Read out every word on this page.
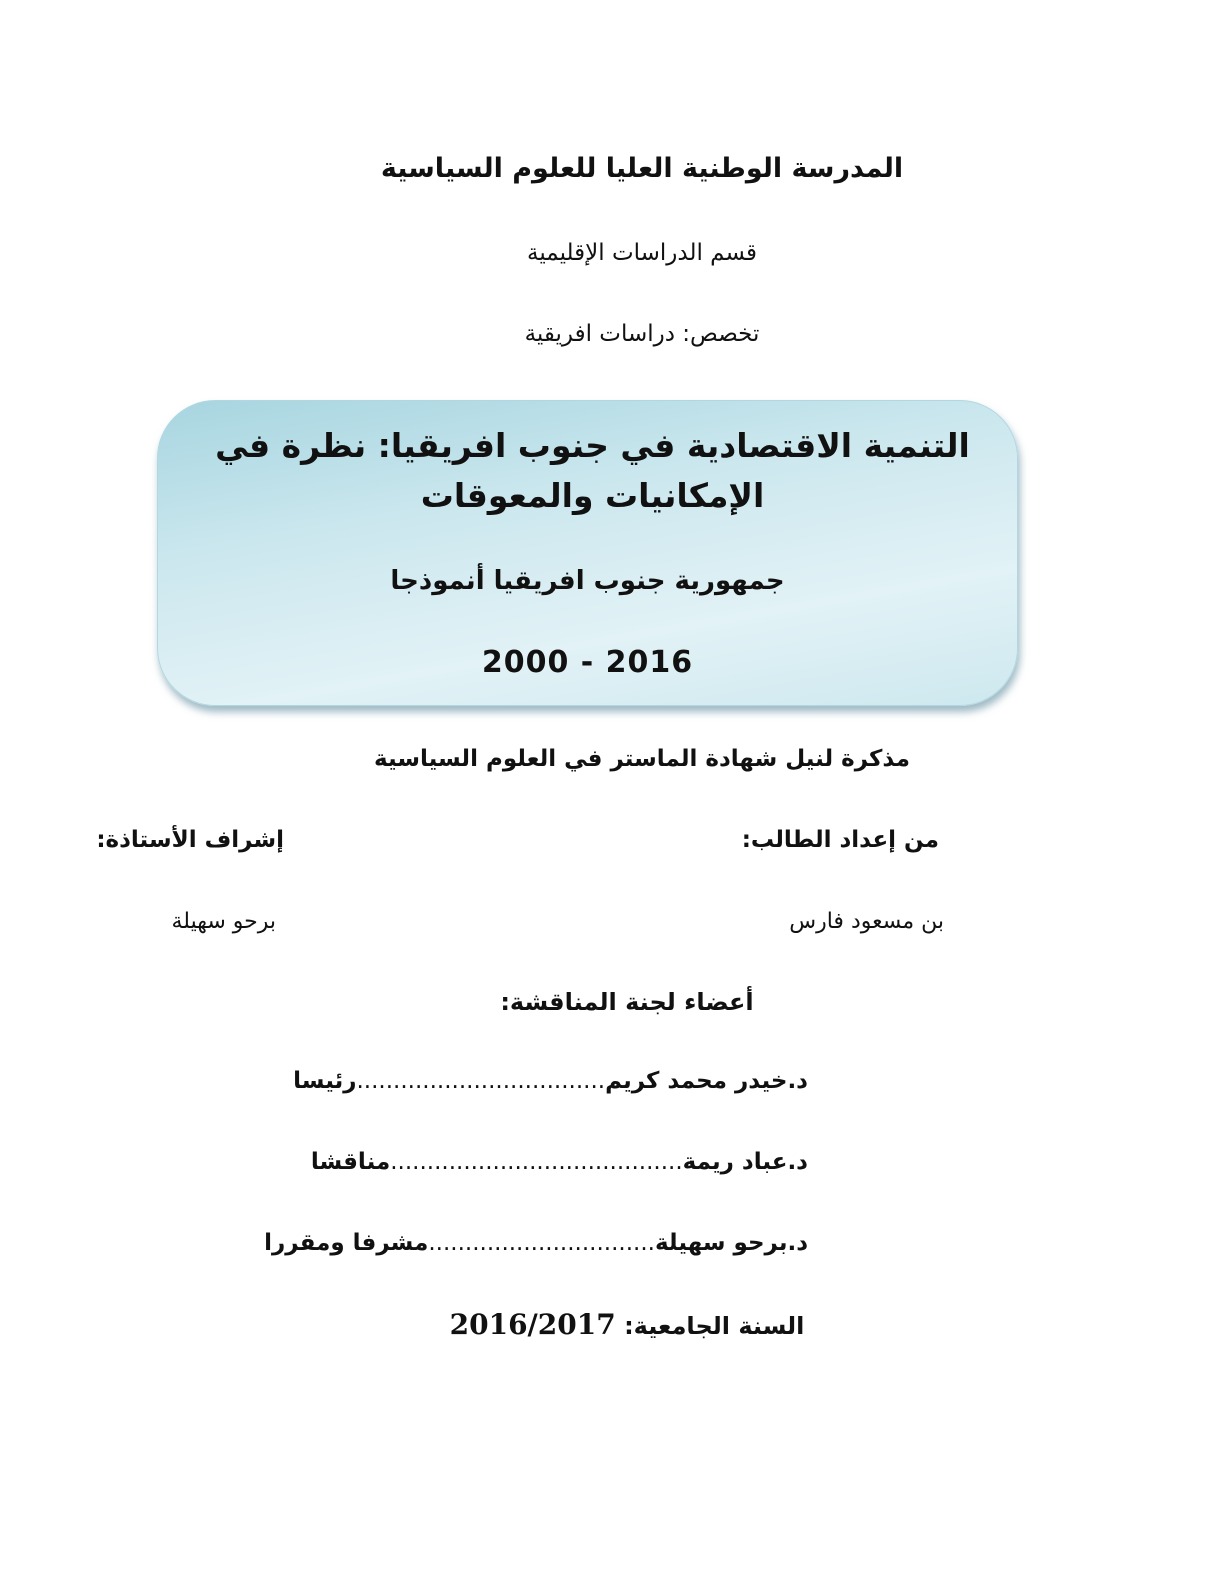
المدرسة الوطنية العليا للعلوم السياسية
قسم الدراسات الإقليمية
تخصص: دراسات افريقية
التنمية الاقتصادية في جنوب افريقيا: نظرة في الإمكانيات والمعوقات
جمهورية جنوب افريقيا أنموذجا
2000 - 2016
مذكرة لنيل شهادة الماستر في العلوم السياسية
من إعداد الطالب:
إشراف الأستاذة:
بن مسعود فارس
برحو سهيلة
أعضاء لجنة المناقشة:
د.خيدر محمد كريم..................................رئيسا
د.عباد ريمة........................................مناقشا
د.برحو سهيلة...............................مشرفا ومقررا
السنة الجامعية: 2016/2017
